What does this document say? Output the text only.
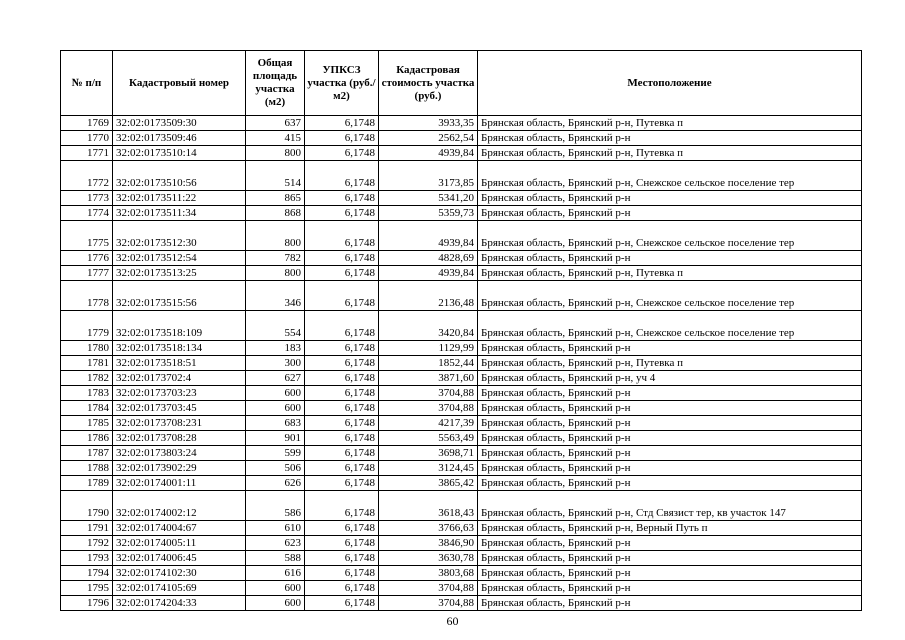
№ п/п	Кадастровый номер	Общая площадь участка (м2)	УПКСЗ участка (руб./м2)	Кадастровая стоимость участка (руб.)	Местоположение
1769	32:02:0173509:30	637	6,1748	3933,35	Брянская область, Брянский р-н, Путевка п
1770	32:02:0173509:46	415	6,1748	2562,54	Брянская область, Брянский р-н
1771	32:02:0173510:14	800	6,1748	4939,84	Брянская область, Брянский р-н, Путевка п
1772	32:02:0173510:56	514	6,1748	3173,85	Брянская область, Брянский р-н, Снежское сельское поселение тер
1773	32:02:0173511:22	865	6,1748	5341,20	Брянская область, Брянский р-н
1774	32:02:0173511:34	868	6,1748	5359,73	Брянская область, Брянский р-н
1775	32:02:0173512:30	800	6,1748	4939,84	Брянская область, Брянский р-н, Снежское сельское поселение тер
1776	32:02:0173512:54	782	6,1748	4828,69	Брянская область, Брянский р-н
1777	32:02:0173513:25	800	6,1748	4939,84	Брянская область, Брянский р-н, Путевка п
1778	32:02:0173515:56	346	6,1748	2136,48	Брянская область, Брянский р-н, Снежское сельское поселение тер
1779	32:02:0173518:109	554	6,1748	3420,84	Брянская область, Брянский р-н, Снежское сельское поселение тер
1780	32:02:0173518:134	183	6,1748	1129,99	Брянская область, Брянский р-н
1781	32:02:0173518:51	300	6,1748	1852,44	Брянская область, Брянский р-н, Путевка п
1782	32:02:0173702:4	627	6,1748	3871,60	Брянская область, Брянский р-н, уч 4
1783	32:02:0173703:23	600	6,1748	3704,88	Брянская область, Брянский р-н
1784	32:02:0173703:45	600	6,1748	3704,88	Брянская область, Брянский р-н
1785	32:02:0173708:231	683	6,1748	4217,39	Брянская область, Брянский р-н
1786	32:02:0173708:28	901	6,1748	5563,49	Брянская область, Брянский р-н
1787	32:02:0173803:24	599	6,1748	3698,71	Брянская область, Брянский р-н
1788	32:02:0173902:29	506	6,1748	3124,45	Брянская область, Брянский р-н
1789	32:02:0174001:11	626	6,1748	3865,42	Брянская область, Брянский р-н
1790	32:02:0174002:12	586	6,1748	3618,43	Брянская область, Брянский р-н, Стд Связист тер, кв участок 147
1791	32:02:0174004:67	610	6,1748	3766,63	Брянская область, Брянский р-н, Верный Путь п
1792	32:02:0174005:11	623	6,1748	3846,90	Брянская область, Брянский р-н
1793	32:02:0174006:45	588	6,1748	3630,78	Брянская область, Брянский р-н
1794	32:02:0174102:30	616	6,1748	3803,68	Брянская область, Брянский р-н
1795	32:02:0174105:69	600	6,1748	3704,88	Брянская область, Брянский р-н
1796	32:02:0174204:33	600	6,1748	3704,88	Брянская область, Брянский р-н
60
